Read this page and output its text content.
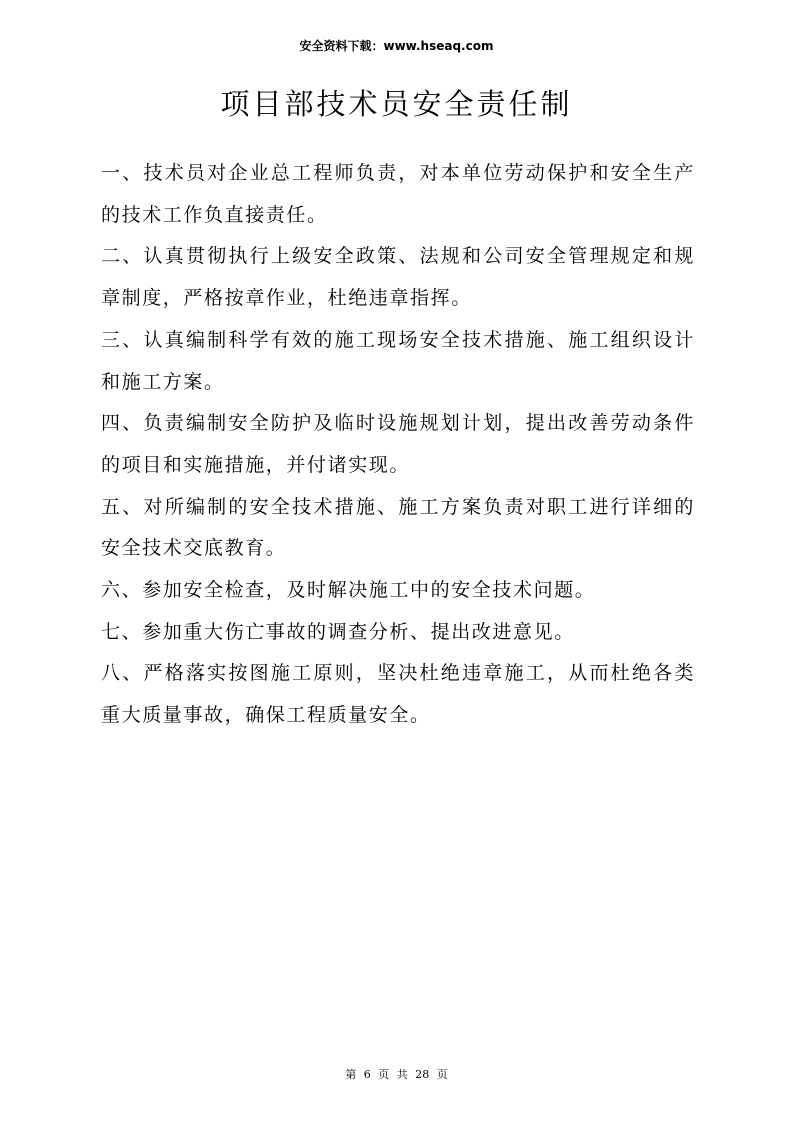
安全资料下载：www.hseaq.com
项目部技术员安全责任制

一、技术员对企业总工程师负责，对本单位劳动保护和安全生产的技术工作负直接责任。

二、认真贯彻执行上级安全政策、法规和公司安全管理规定和规章制度，严格按章作业，杜绝违章指挥。

三、认真编制科学有效的施工现场安全技术措施、施工组织设计和施工方案。

四、负责编制安全防护及临时设施规划计划，提出改善劳动条件的项目和实施措施，并付诸实现。

五、对所编制的安全技术措施、施工方案负责对职工进行详细的安全技术交底教育。

六、参加安全检查，及时解决施工中的安全技术问题。

七、参加重大伤亡事故的调查分析、提出改进意见。

八、严格落实按图施工原则，坚决杜绝违章施工，从而杜绝各类重大质量事故，确保工程质量安全。

第 6 页 共 28 页
